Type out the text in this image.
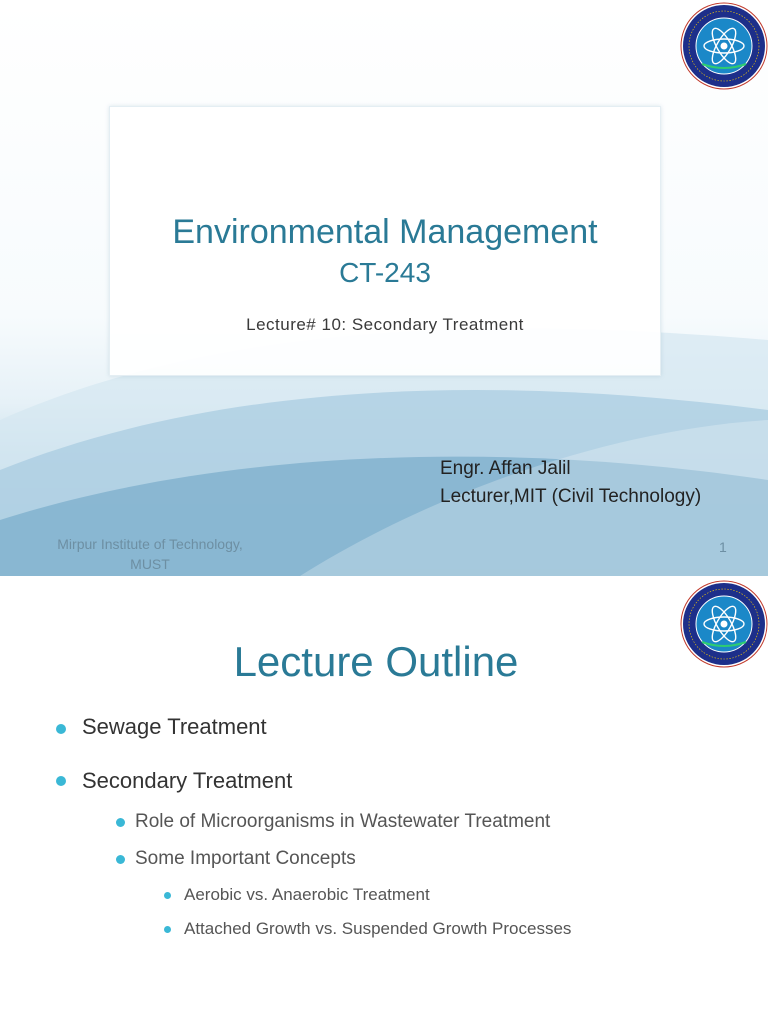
Environmental Management
CT-243
Lecture# 10: Secondary Treatment
Engr. Affan Jalil
Lecturer,MIT (Civil Technology)
Mirpur Institute of Technology,
MUST
1
Lecture Outline
Sewage Treatment
Secondary Treatment
Role of Microorganisms in Wastewater Treatment
Some Important Concepts
Aerobic vs. Anaerobic Treatment
Attached Growth vs. Suspended Growth Processes
